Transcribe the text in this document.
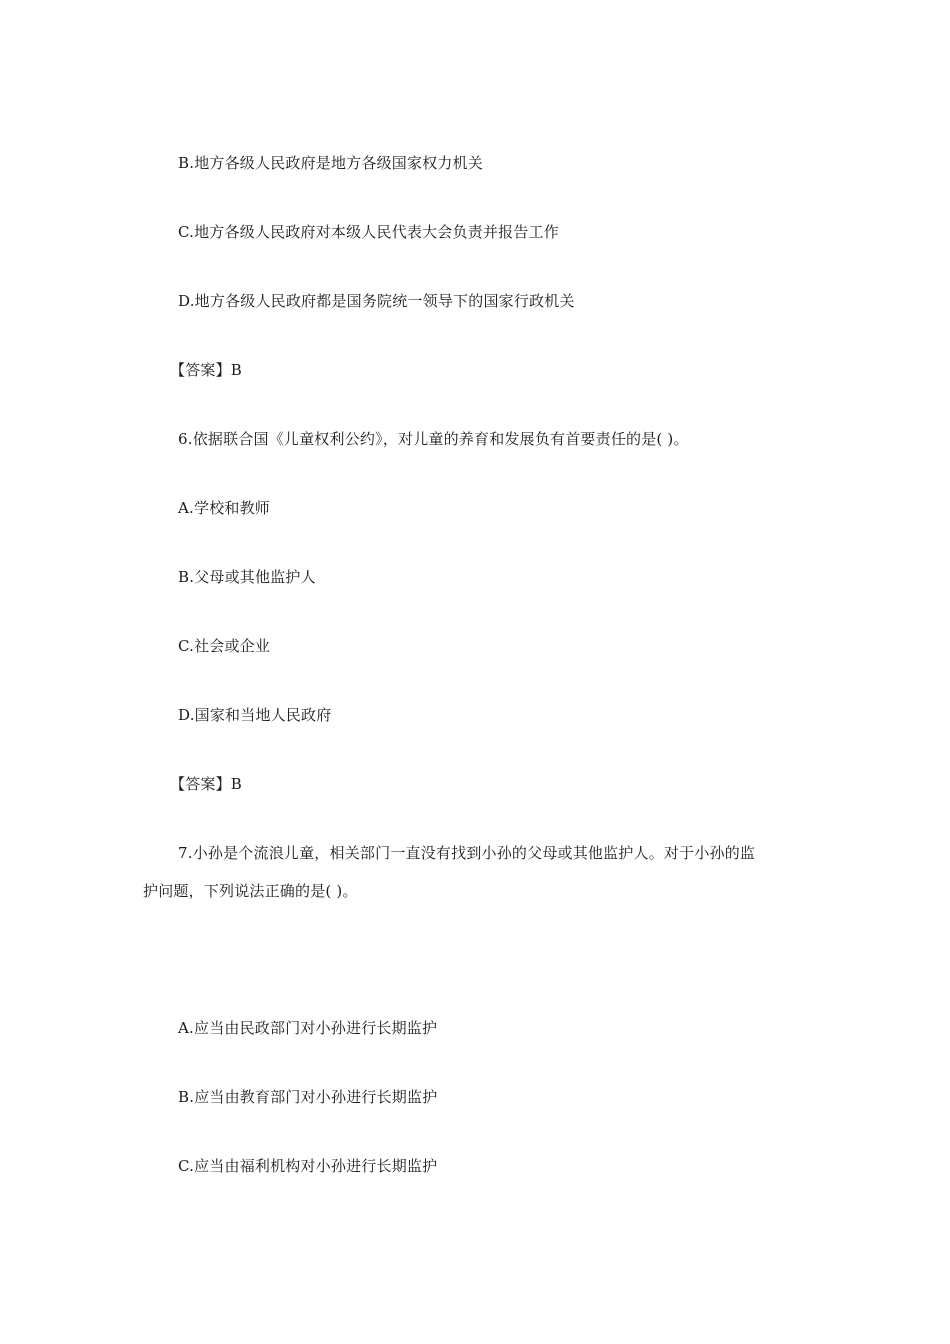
B.地方各级人民政府是地方各级国家权力机关
C.地方各级人民政府对本级人民代表大会负责并报告工作
D.地方各级人民政府都是国务院统一领导下的国家行政机关
【答案】B
6.依据联合国《儿童权利公约》，对儿童的养育和发展负有首要责任的是( )。
A.学校和教师
B.父母或其他监护人
C.社会或企业
D.国家和当地人民政府
【答案】B
7.小孙是个流浪儿童，相关部门一直没有找到小孙的父母或其他监护人。对于小孙的监
护问题，下列说法正确的是( )。
A.应当由民政部门对小孙进行长期监护
B.应当由教育部门对小孙进行长期监护
C.应当由福利机构对小孙进行长期监护
